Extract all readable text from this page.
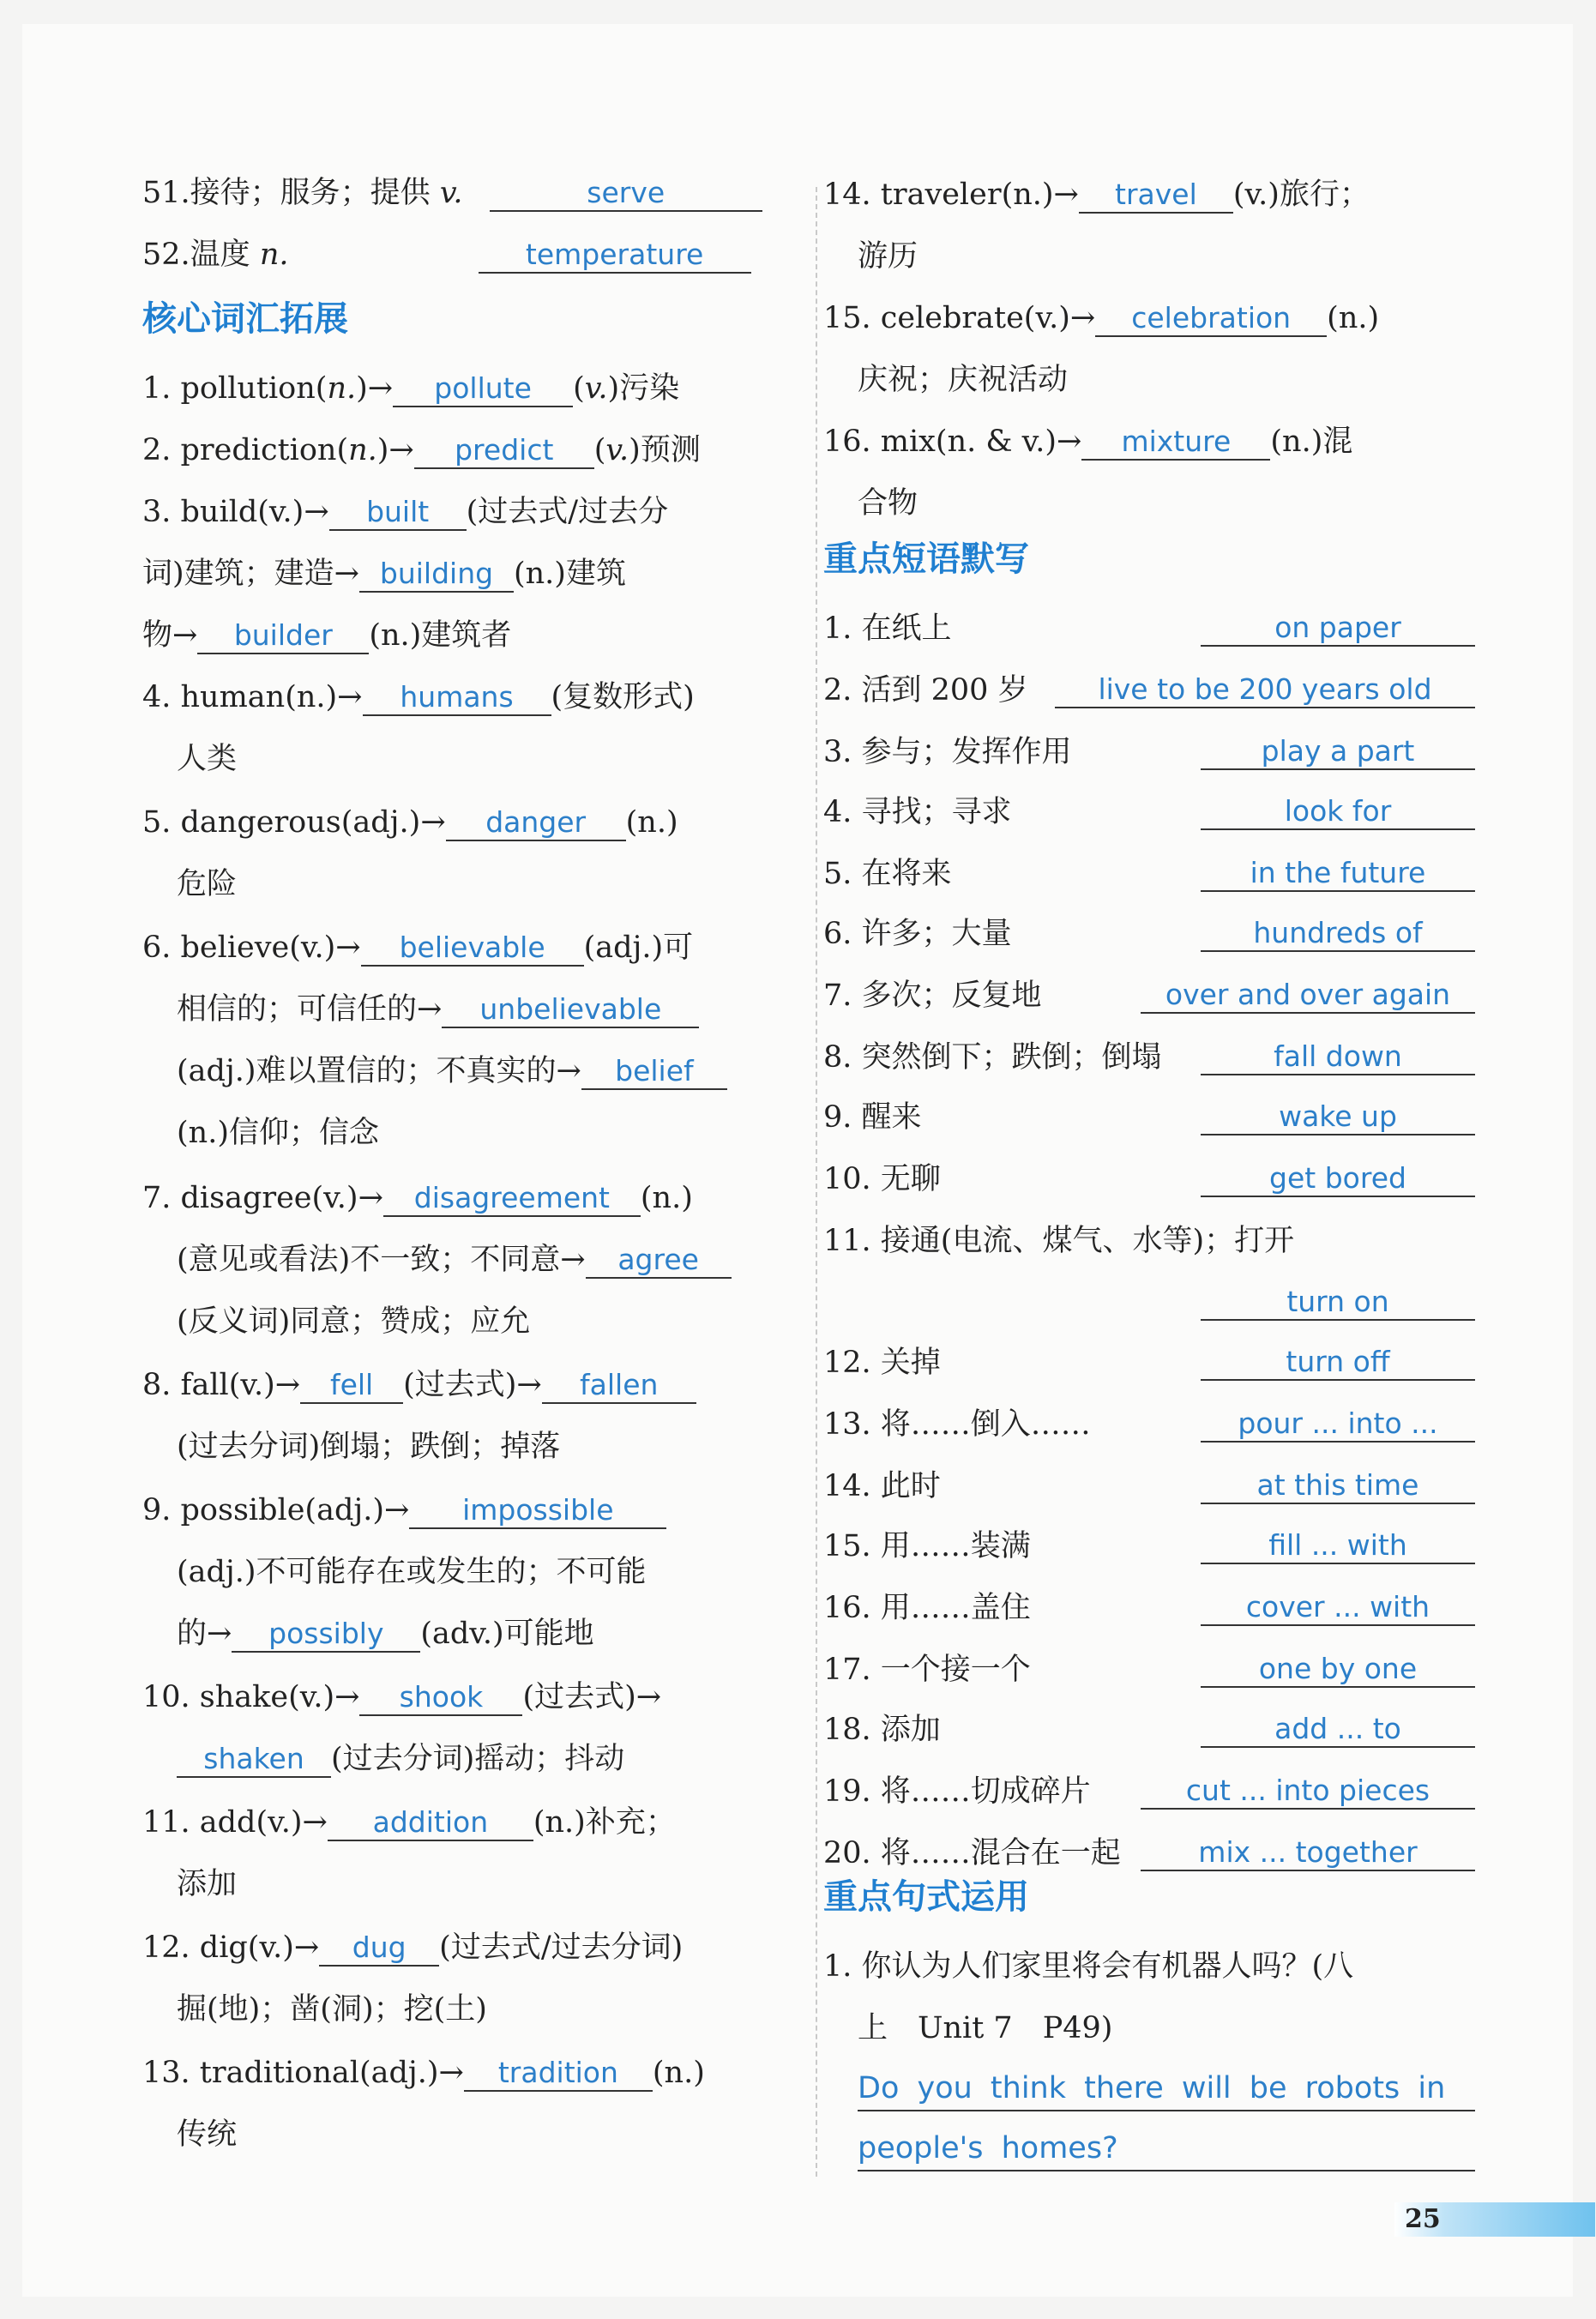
51.接待；服务；提供 v.	serve
52.温度 n.	temperature
核心词汇拓展
1. pollution(n.)→ pollute (v.)污染
2. prediction(n.)→ predict (v.)预测
3. build(v.)→ built (过去式/过去分
词)建筑；建造→ building (n.)建筑
物→ builder (n.)建筑者
4. human(n.)→ humans (复数形式)
人类
5. dangerous(adj.)→ danger (n.)
危险
6. believe(v.)→ believable (adj.)可
相信的；可信任的→ unbelievable
(adj.)难以置信的；不真实的→ belief
(n.)信仰；信念
7. disagree(v.)→ disagreement (n.)
(意见或看法)不一致；不同意→ agree
(反义词)同意；赞成；应允
8. fall(v.)→ fell (过去式)→ fallen
(过去分词)倒塌；跌倒；掉落
9. possible(adj.)→ impossible
(adj.)不可能存在或发生的；不可能
的→ possibly (adv.)可能地
10. shake(v.)→ shook (过去式)→
shaken (过去分词)摇动；抖动
11. add(v.)→ addition (n.)补充；
添加
12. dig(v.)→ dug (过去式/过去分词)
掘(地)；凿(洞)；挖(土)
13. traditional(adj.)→ tradition (n.)
传统
14. traveler(n.)→ travel (v.)旅行；
游历
15. celebrate(v.)→ celebration (n.)
庆祝；庆祝活动
16. mix(n. & v.)→ mixture (n.)混
合物
重点短语默写
1. 在纸上	on paper
2. 活到 200 岁	live to be 200 years old
3. 参与；发挥作用	play a part
4. 寻找；寻求	look for
5. 在将来	in the future
6. 许多；大量	hundreds of
7. 多次；反复地	over and over again
8. 突然倒下；跌倒；倒塌	fall down
9. 醒来	wake up
10. 无聊	get bored
11. 接通(电流、煤气、水等)；打开
turn on
12. 关掉	turn off
13. 将……倒入……	pour ... into ...
14. 此时	at this time
15. 用……装满	fill ... with
16. 用……盖住	cover ... with
17. 一个接一个	one by one
18. 添加	add ... to
19. 将……切成碎片	cut ... into pieces
20. 将……混合在一起	mix ... together
重点句式运用
1. 你认为人们家里将会有机器人吗？(八
上　Unit 7　P49)
Do you think there will be robots in
people's homes?
25
